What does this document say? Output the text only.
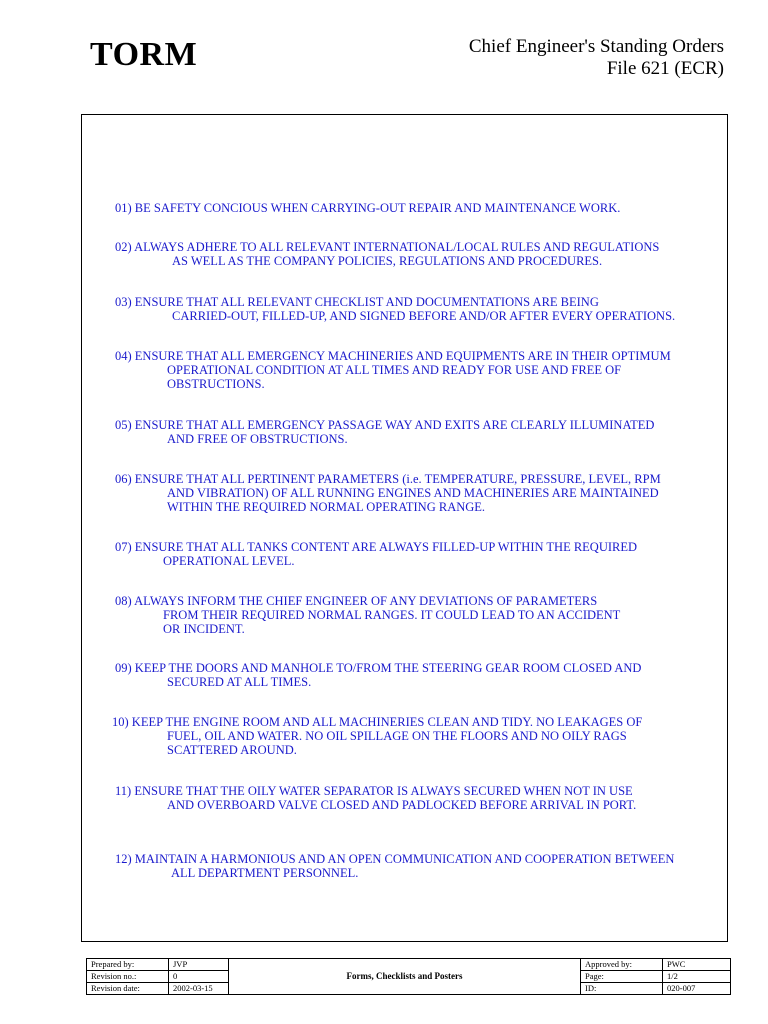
TORM	Chief Engineer's Standing Orders
File 621 (ECR)
01) BE SAFETY CONCIOUS WHEN CARRYING-OUT REPAIR AND MAINTENANCE WORK.
02) ALWAYS ADHERE TO ALL RELEVANT INTERNATIONAL/LOCAL RULES AND REGULATIONS
AS WELL AS THE COMPANY POLICIES, REGULATIONS AND PROCEDURES.
03) ENSURE THAT ALL RELEVANT CHECKLIST AND DOCUMENTATIONS ARE BEING
CARRIED-OUT, FILLED-UP, AND SIGNED BEFORE AND/OR AFTER EVERY OPERATIONS.
04) ENSURE THAT ALL EMERGENCY MACHINERIES AND EQUIPMENTS ARE IN THEIR OPTIMUM
OPERATIONAL CONDITION AT ALL TIMES AND READY FOR USE AND FREE OF
OBSTRUCTIONS.
05) ENSURE THAT ALL EMERGENCY PASSAGE WAY AND EXITS ARE CLEARLY ILLUMINATED
AND FREE OF OBSTRUCTIONS.
06) ENSURE THAT ALL PERTINENT PARAMETERS (i.e. TEMPERATURE, PRESSURE, LEVEL, RPM
AND VIBRATION) OF ALL RUNNING ENGINES AND MACHINERIES ARE MAINTAINED
WITHIN THE REQUIRED NORMAL OPERATING RANGE.
07) ENSURE THAT ALL TANKS CONTENT ARE ALWAYS FILLED-UP WITHIN THE REQUIRED
OPERATIONAL LEVEL.
08) ALWAYS INFORM THE CHIEF ENGINEER OF ANY DEVIATIONS OF PARAMETERS
FROM THEIR REQUIRED NORMAL RANGES. IT COULD LEAD TO AN ACCIDENT
OR INCIDENT.
09) KEEP THE DOORS AND MANHOLE TO/FROM THE STEERING GEAR ROOM CLOSED AND
SECURED AT ALL TIMES.
10) KEEP THE ENGINE ROOM AND ALL MACHINERIES CLEAN AND TIDY. NO LEAKAGES OF
FUEL, OIL AND WATER. NO OIL SPILLAGE ON THE FLOORS AND NO OILY RAGS
SCATTERED AROUND.
11) ENSURE THAT THE OILY WATER SEPARATOR IS ALWAYS SECURED WHEN NOT IN USE
AND OVERBOARD VALVE CLOSED AND PADLOCKED BEFORE ARRIVAL IN PORT.
12) MAINTAIN A HARMONIOUS AND AN OPEN COMMUNICATION AND COOPERATION BETWEEN
ALL DEPARTMENT PERSONNEL.
Prepared by:	JVP	Forms, Checklists and Posters	Approved by:	PWC
Revision no.:	0		Page:	1/2
Revision date:	2002-03-15		ID:	020-007
